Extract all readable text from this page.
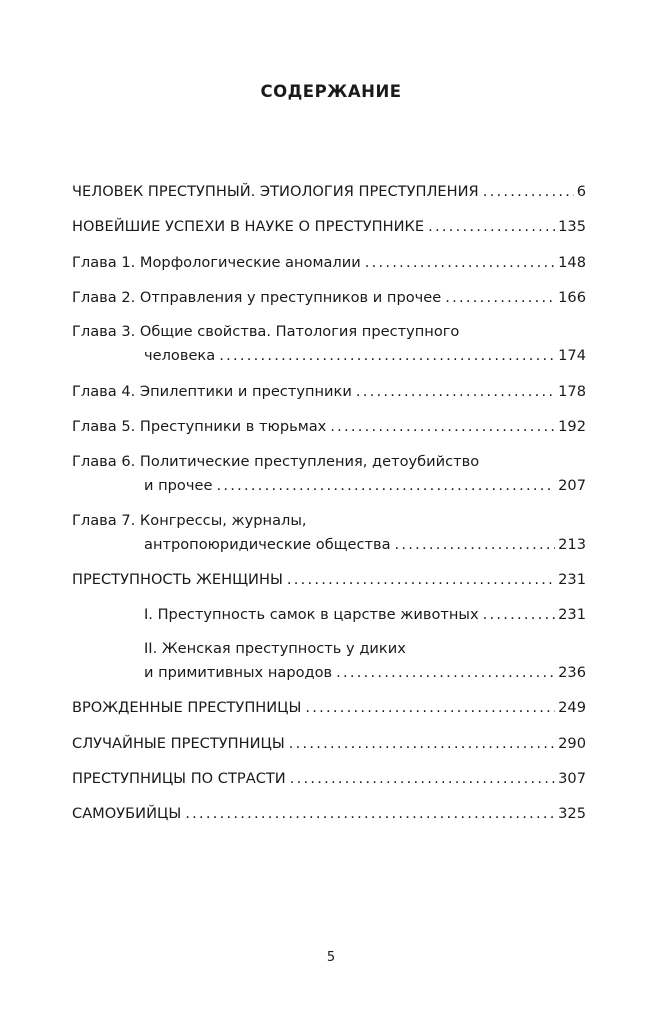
СОДЕРЖАНИЕ
ЧЕЛОВЕК ПРЕСТУПНЫЙ. ЭТИОЛОГИЯ ПРЕСТУПЛЕНИЯ . . .	6
НОВЕЙШИЕ УСПЕХИ В НАУКЕ О ПРЕСТУПНИКЕ . . .	135
Глава 1. Морфологические аномалии . . .	148
Глава 2. Отправления у преступников и прочее . . .	166
Глава 3. Общие свойства. Патология преступного
человека . . .	174
Глава 4. Эпилептики и преступники . . .	178
Глава 5. Преступники в тюрьмах . . .	192
Глава 6. Политические преступления, детоубийство
и прочее . . .	207
Глава 7. Конгрессы, журналы,
антропоюридические общества . . .	213
ПРЕСТУПНОСТЬ ЖЕНЩИНЫ . . .	231
I. Преступность самок в царстве животных . . .	231
II. Женская преступность у диких
и примитивных народов . . .	236
ВРОЖДЕННЫЕ ПРЕСТУПНИЦЫ . . .	249
СЛУЧАЙНЫЕ ПРЕСТУПНИЦЫ . . .	290
ПРЕСТУПНИЦЫ ПО СТРАСТИ . . .	307
САМОУБИЙЦЫ . . .	325
5
